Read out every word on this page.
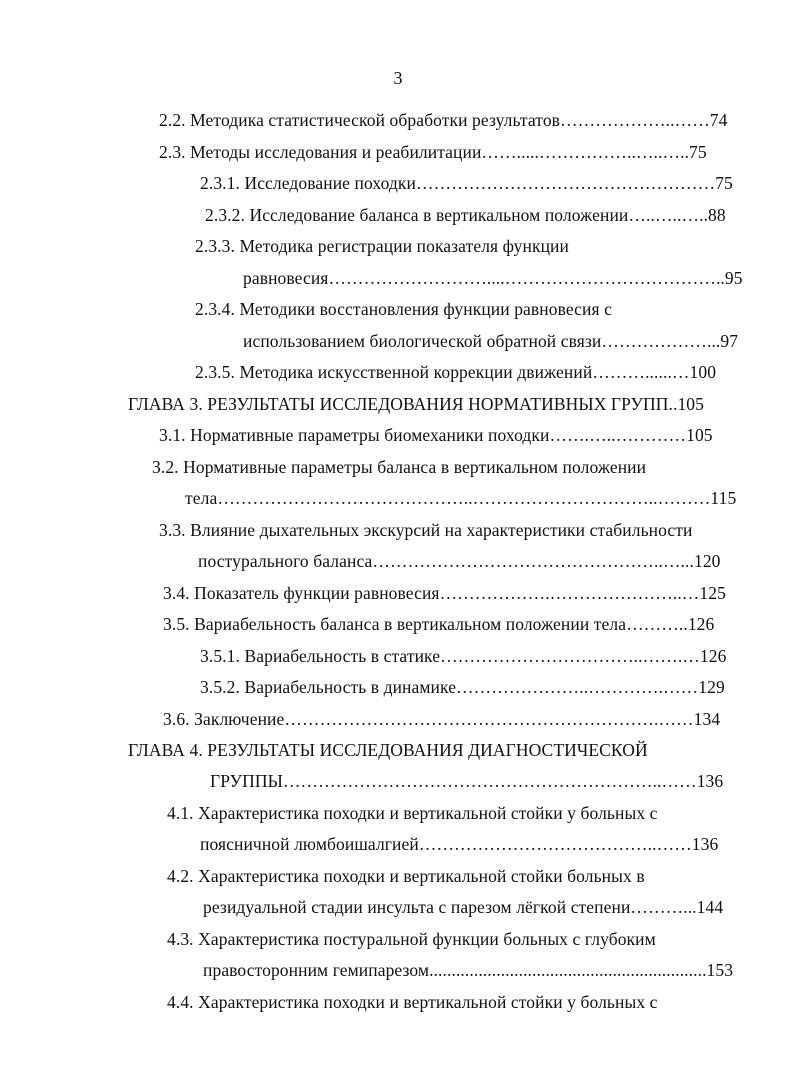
3
2.2. Методика статистической обработки результатов………………..……74
2.3. Методы исследования и реабилитации…….....……………..…..…..75
2.3.1. Исследование походки……………………………………………75
2.3.2. Исследование баланса в вертикальном положении…..…..…..88
2.3.3. Методика регистрации показателя функции
равновесия………………………....………………………………..95
2.3.4. Методики восстановления функции равновесия с
использованием биологической обратной связи………………...97
2.3.5. Методика искусственной коррекции движений………......…100
ГЛАВА 3. РЕЗУЛЬТАТЫ ИССЛЕДОВАНИЯ НОРМАТИВНЫХ ГРУПП..105
3.1. Нормативные параметры биомеханики походки…….…..…………105
3.2. Нормативные параметры баланса в вертикальном положении
тела……………………………………..…………………………..………115
3.3. Влияние дыхательных экскурсий на характеристики стабильности
постурального баланса…………………………………………..…...120
3.4. Показатель функции равновесия……………….…………………..…125
3.5. Вариабельность баланса в вертикальном положении тела………..126
3.5.1. Вариабельность в статике……………………………..…….…126
3.5.2. Вариабельность в динамике…………………..………….……129
3.6. Заключение……………………………………………………….……134
ГЛАВА 4. РЕЗУЛЬТАТЫ ИССЛЕДОВАНИЯ ДИАГНОСТИЧЕСКОЙ
ГРУППЫ………………………………………………………..……136
4.1. Характеристика походки и вертикальной стойки у больных с
поясничной люмбоишалгией…………………………………..……136
4.2. Характеристика походки и вертикальной стойки больных в
резидуальной стадии инсульта с парезом лёгкой степени………...144
4.3. Характеристика постуральной функции больных с глубоким
правосторонним гемипарезом..............................................................153
4.4. Характеристика походки и вертикальной стойки у больных с
